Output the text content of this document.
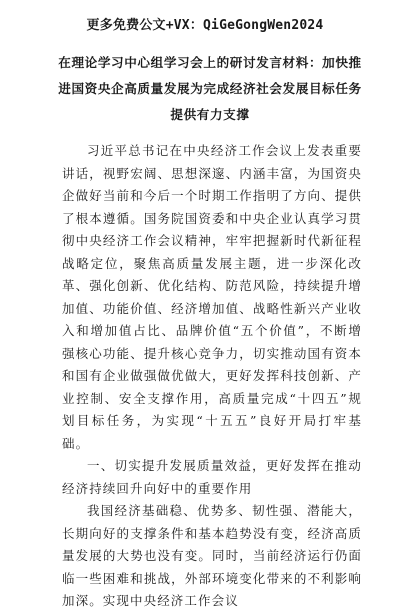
更多免费公文+VX：QiGeGongWen2024
在理论学习中心组学习会上的研讨发言材料：加快推进国资央企高质量发展为完成经济社会发展目标任务提供有力支撑

习近平总书记在中央经济工作会议上发表重要讲话，视野宏阔、思想深邃、内涵丰富，为国资央企做好当前和今后一个时期工作指明了方向、提供了根本遵循。国务院国资委和中央企业认真学习贯彻中央经济工作会议精神，牢牢把握新时代新征程战略定位，聚焦高质量发展主题，进一步深化改革、强化创新、优化结构、防范风险，持续提升增加值、功能价值、经济增加值、战略性新兴产业收入和增加值占比、品牌价值“五个价值”，不断增强核心功能、提升核心竞争力，切实推动国有资本和国有企业做强做优做大，更好发挥科技创新、产业控制、安全支撑作用，高质量完成“十四五”规划目标任务，为实现“十五五”良好开局打牢基础。

一、切实提升发展质量效益，更好发挥在推动经济持续回升向好中的重要作用

我国经济基础稳、优势多、韧性强、潜能大，长期向好的支撑条件和基本趋势没有变，经济高质量发展的大势也没有变。同时，当前经济运行仍面临一些困难和挑战，外部环境变化带来的不利影响加深。实现中央经济工作会议
